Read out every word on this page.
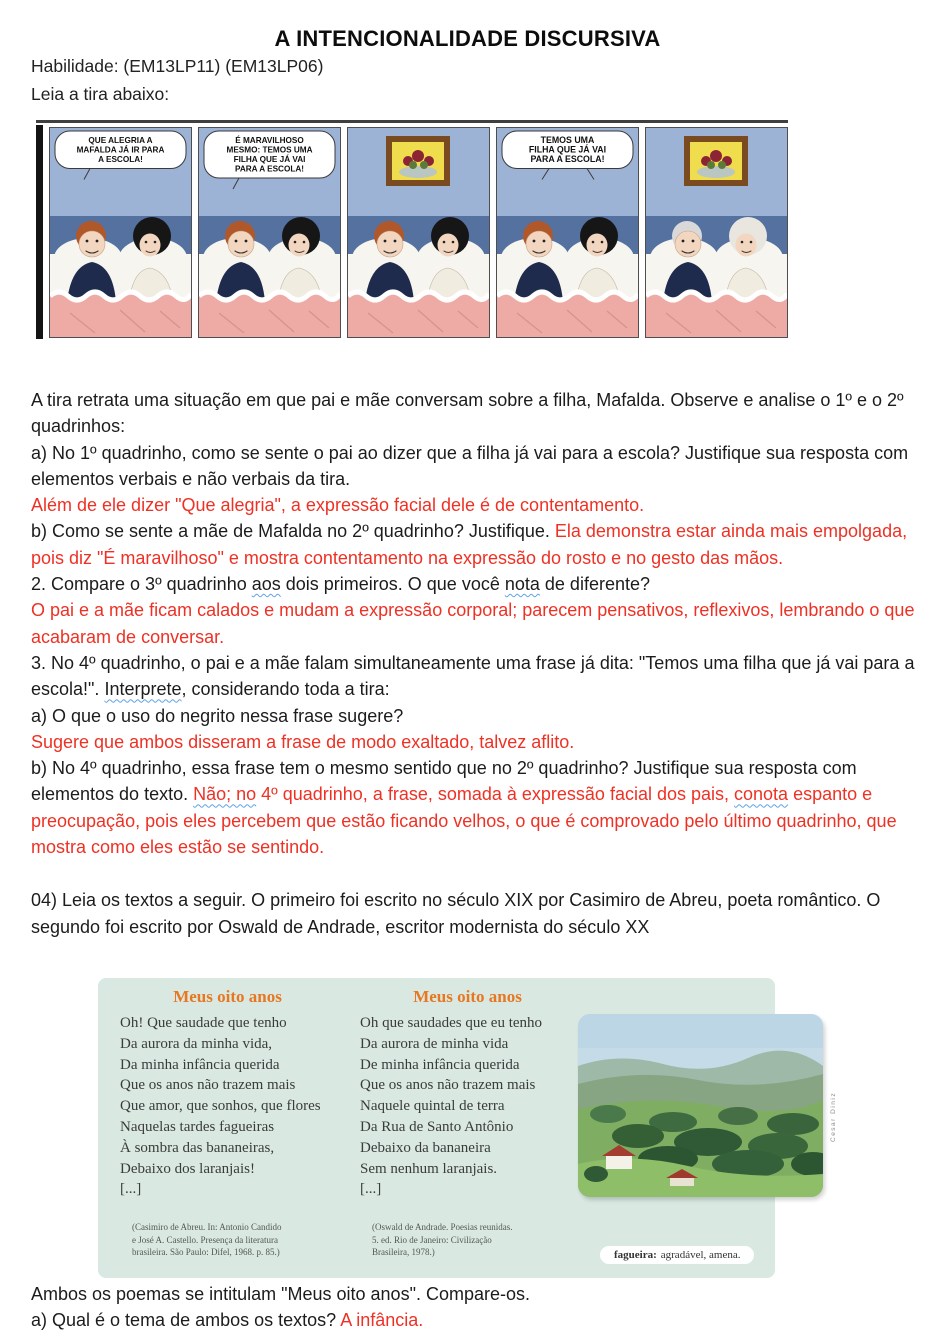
A INTENCIONALIDADE DISCURSIVA
Habilidade: (EM13LP11) (EM13LP06)
Leia a tira abaixo:
QUE ALEGRIA A
MAFALDA JÁ IR PARA
A ESCOLA!
É MARAVILHOSO
MESMO: TEMOS UMA
FILHA QUE JÁ VAI
PARA A ESCOLA!
TEMOS UMA
FILHA QUE JÁ VAI
PARA A ESCOLA!
A tira retrata uma situação em que pai e mãe conversam sobre a filha, Mafalda. Observe e analise o 1º e o 2º quadrinhos:
a) No 1º quadrinho, como se sente o pai ao dizer que a filha já vai para a escola? Justifique sua resposta com elementos verbais e não verbais da tira.
Além de ele dizer "Que alegria", a expressão facial dele é de contentamento.
b) Como se sente a mãe de Mafalda no 2º quadrinho? Justifique. Ela demonstra estar ainda mais empolgada, pois diz "É maravilhoso" e mostra contentamento na expressão do rosto e no gesto das mãos.
2. Compare o 3º quadrinho aos dois primeiros. O que você nota de diferente?
O pai e a mãe ficam calados e mudam a expressão corporal; parecem pensativos, reflexivos, lembrando o que acabaram de conversar.
3. No 4º quadrinho, o pai e a mãe falam simultaneamente uma frase já dita: "Temos uma filha que já vai para a escola!". Interprete, considerando toda a tira:
a) O que o uso do negrito nessa frase sugere?
Sugere que ambos disseram a frase de modo exaltado, talvez aflito.
b) No 4º quadrinho, essa frase tem o mesmo sentido que no 2º quadrinho? Justifique sua resposta com elementos do texto. Não; no 4º quadrinho, a frase, somada à expressão facial dos pais, conota espanto e preocupação, pois eles percebem que estão ficando velhos, o que é comprovado pelo último quadrinho, que mostra como eles estão se sentindo.
04) Leia os textos a seguir. O primeiro foi escrito no século XIX por Casimiro de Abreu, poeta romântico. O segundo foi escrito por Oswald de Andrade, escritor modernista do século XX
Meus oito anos
Oh! Que saudade que tenho
Da aurora da minha vida,
Da minha infância querida
Que os anos não trazem mais
Que amor, que sonhos, que flores
Naquelas tardes fagueiras
À sombra das bananeiras,
Debaixo dos laranjais!
[...]
(Casimiro de Abreu. In: Antonio Candido
e José A. Castello. Presença da literatura
brasileira. São Paulo: Difel, 1968. p. 85.)
Meus oito anos
Oh que saudades que eu tenho
Da aurora de minha vida
De minha infância querida
Que os anos não trazem mais
Naquele quintal de terra
Da Rua de Santo Antônio
Debaixo da bananeira
Sem nenhum laranjais.
[...]
(Oswald de Andrade. Poesias reunidas.
5. ed. Rio de Janeiro: Civilização
Brasileira, 1978.)
Cesar Diniz
fagueira: agradável, amena.
Ambos os poemas se intitulam "Meus oito anos". Compare-os.
a) Qual é o tema de ambos os textos? A infância.
